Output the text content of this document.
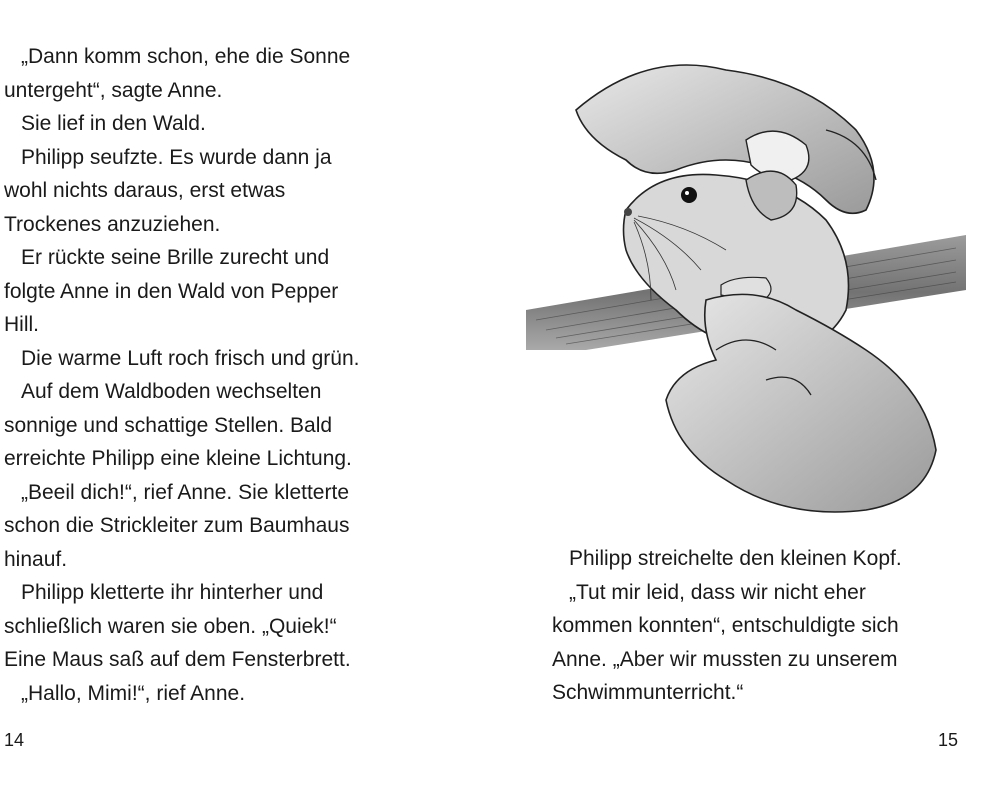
„Dann komm schon, ehe die Sonne
untergeht“, sagte Anne.
Sie lief in den Wald.
Philipp seufzte. Es wurde dann ja
wohl nichts daraus, erst etwas
Trockenes anzuziehen.
Er rückte seine Brille zurecht und
folgte Anne in den Wald von Pepper
Hill.
Die warme Luft roch frisch und grün.
Auf dem Waldboden wechselten
sonnige und schattige Stellen. Bald
erreichte Philipp eine kleine Lichtung.
„Beeil dich!“, rief Anne. Sie kletterte
schon die Strickleiter zum Baumhaus
hinauf.
Philipp kletterte ihr hinterher und
schließlich waren sie oben. „Quiek!“
Eine Maus saß auf dem Fensterbrett.
„Hallo, Mimi!“, rief Anne.
14
Philipp streichelte den kleinen Kopf.
„Tut mir leid, dass wir nicht eher
kommen konnten“, entschuldigte sich
Anne. „Aber wir mussten zu unserem
Schwimmunterricht.“
15
